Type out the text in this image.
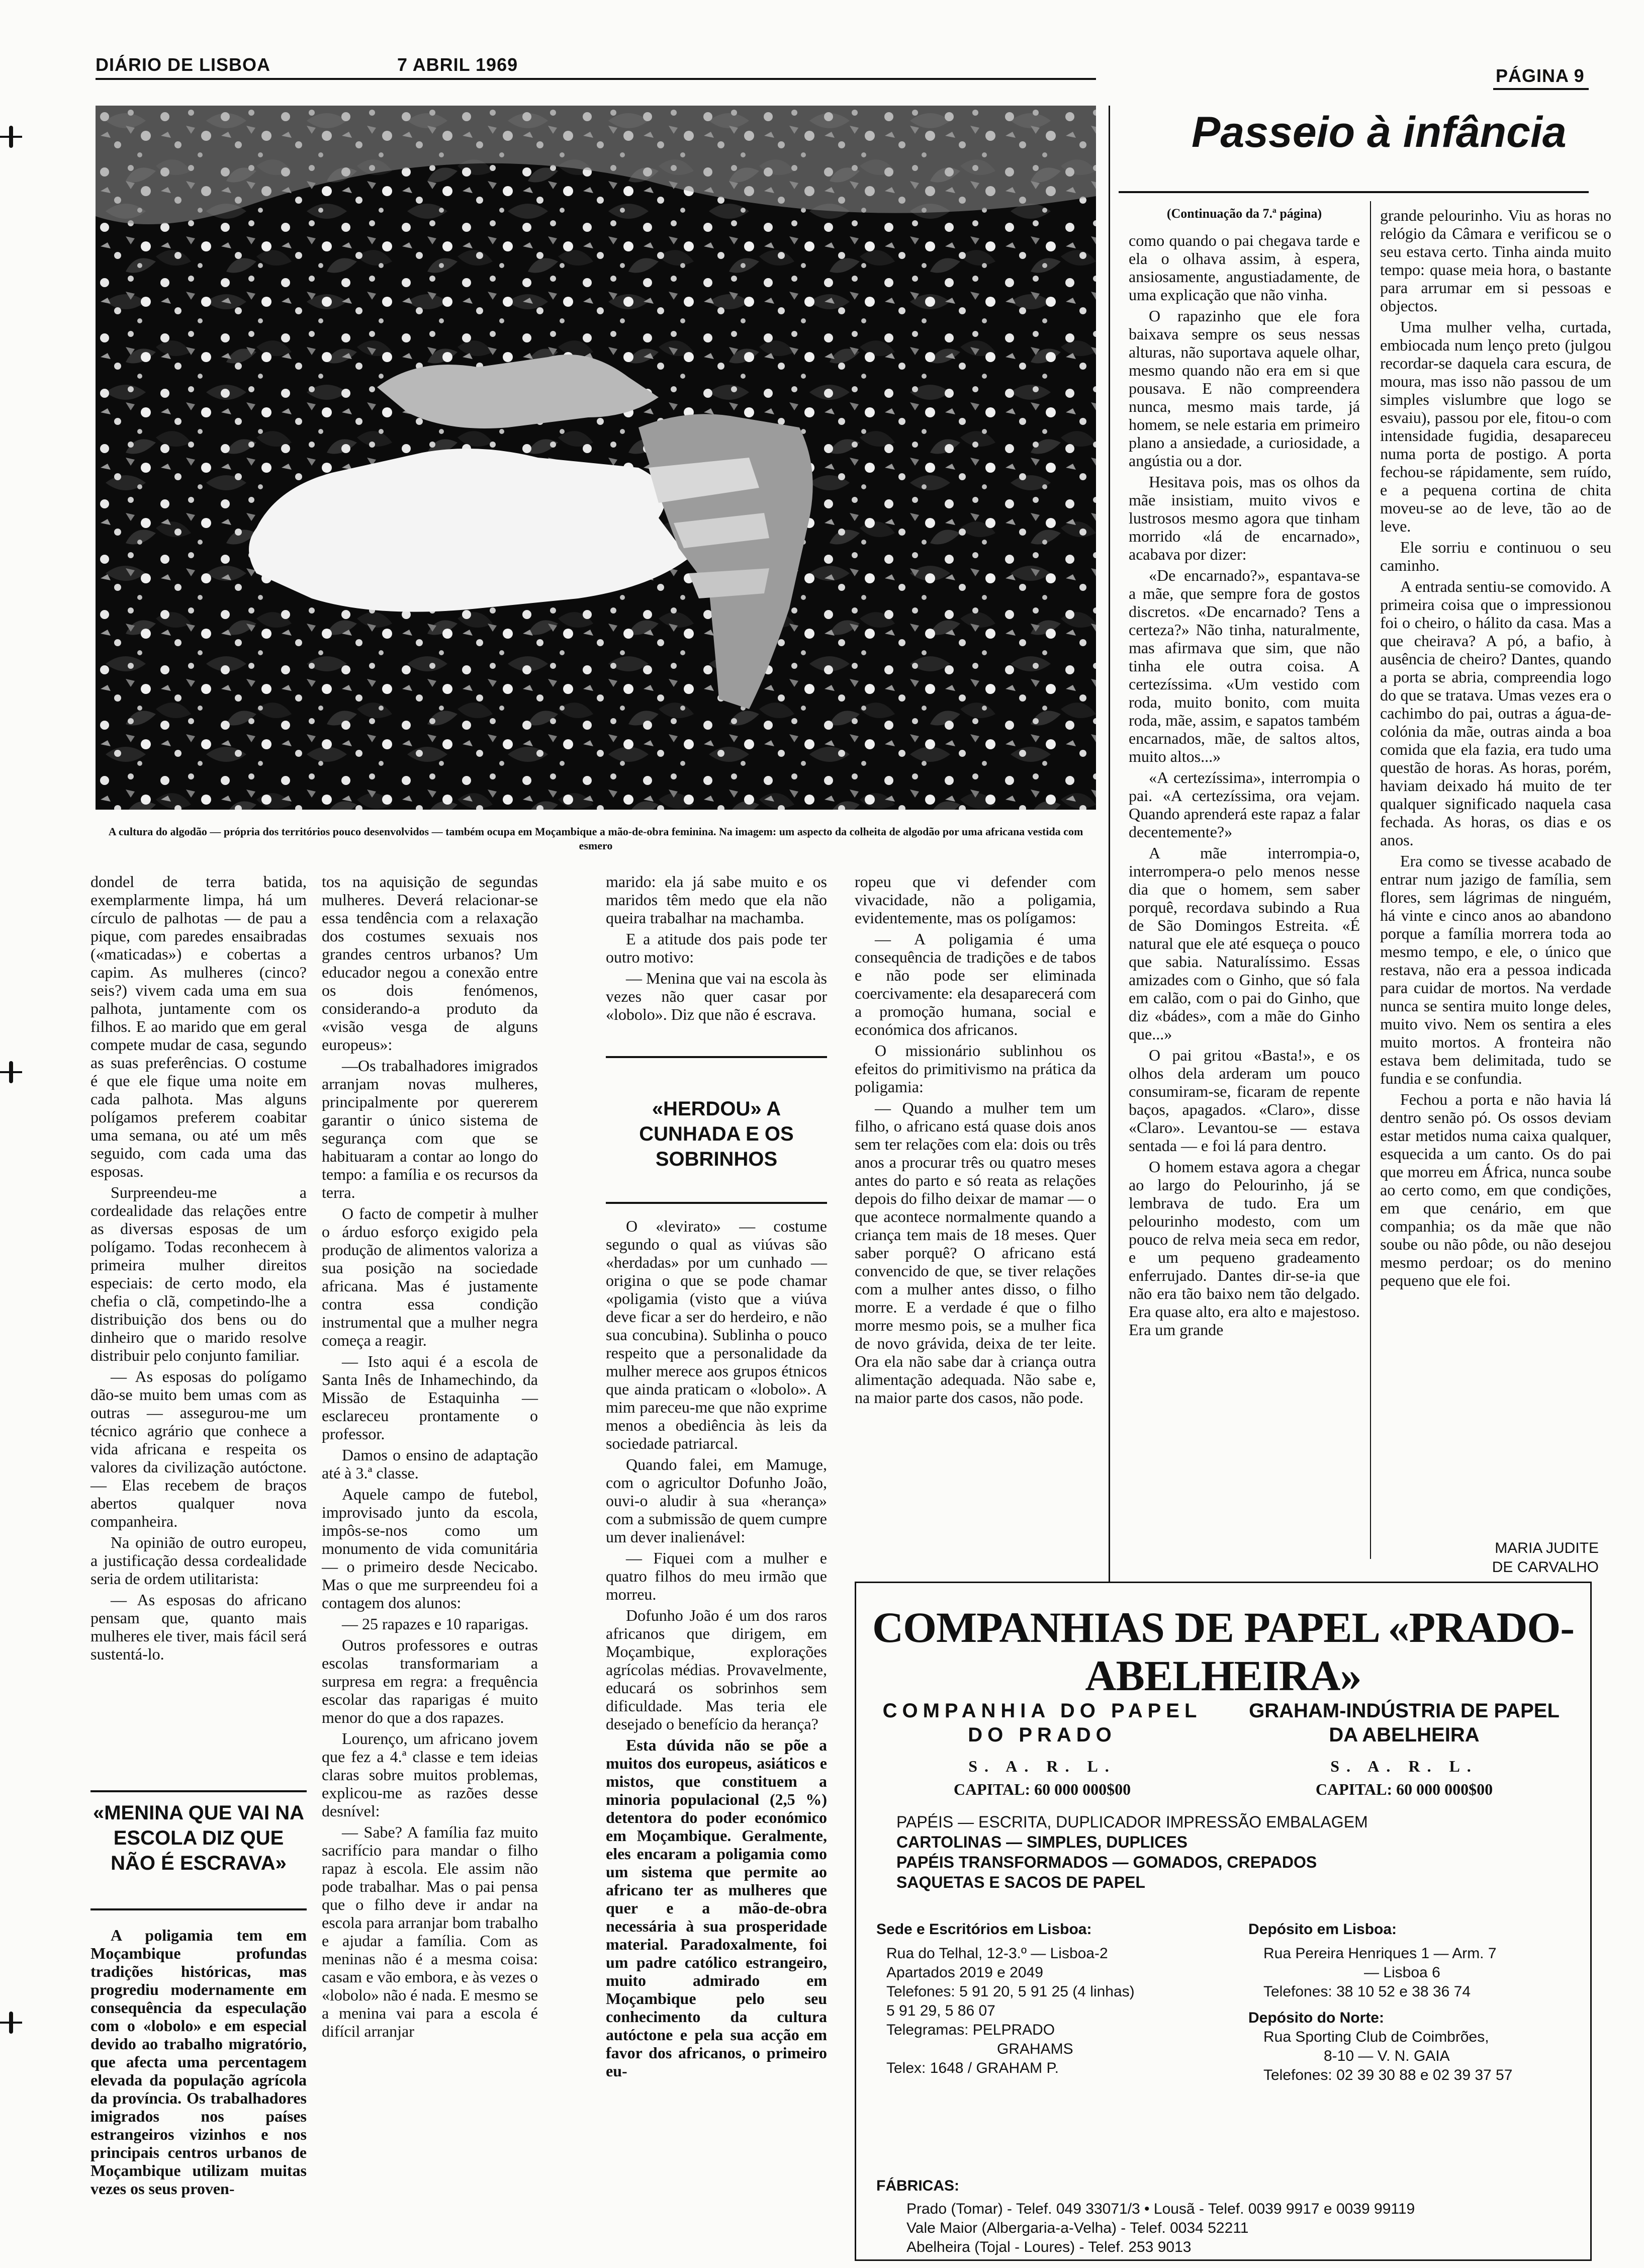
DIÁRIO DE LISBOA	7 ABRIL 1969
PÁGINA 9
A cultura do algodão — própria dos territórios pouco desenvolvidos — também ocupa em Moçambique a mão-de-obra feminina. Na imagem: um aspecto da colheita de algodão por uma africana vestida com esmero

dondel de terra batida, exemplarmente limpa, há um círculo de palhotas — de pau a pique, com paredes ensaibradas («maticadas») e cobertas a capim. As mulheres (cinco? seis?) vivem cada uma em sua palhota, juntamente com os filhos. E ao marido que em geral compete mudar de casa, segundo as suas preferências. O costume é que ele fique uma noite em cada palhota. Mas alguns polígamos preferem coabitar uma semana, ou até um mês seguido, com cada uma das esposas.

Surpreendeu-me a cordealidade das relações entre as diversas esposas de um polígamo. Todas reconhecem à primeira mulher direitos especiais: de certo modo, ela chefia o clã, competindo-lhe a distribuição dos bens ou do dinheiro que o marido resolve distribuir pelo conjunto familiar.

— As esposas do polígamo dão-se muito bem umas com as outras — assegurou-me um técnico agrário que conhece a vida africana e respeita os valores da civilização autóctone. — Elas recebem de braços abertos qualquer nova companheira.

Na opinião de outro europeu, a justificação dessa cordealidade seria de ordem utilitarista:

— As esposas do africano pensam que, quanto mais mulheres ele tiver, mais fácil será sustentá-lo.

«MENINA QUE VAI NA ESCOLA DIZ QUE NÃO É ESCRAVA»

A poligamia tem em Moçambique profundas tradições históricas, mas progrediu modernamente em consequência da especulação com o «lobolo» e em especial devido ao trabalho migratório, que afecta uma percentagem elevada da população agrícola da província. Os trabalhadores imigrados nos países estrangeiros vizinhos e nos principais centros urbanos de Moçambique utilizam muitas vezes os seus proven-

tos na aquisição de segundas mulheres. Deverá relacionar-se essa tendência com a relaxação dos costumes sexuais nos grandes centros urbanos? Um educador negou a conexão entre os dois fenómenos, considerando-a produto da «visão vesga de alguns europeus»:

—Os trabalhadores imigrados arranjam novas mulheres, principalmente por quererem garantir o único sistema de segurança com que se habituaram a contar ao longo do tempo: a família e os recursos da terra.

O facto de competir à mulher o árduo esforço exigido pela produção de alimentos valoriza a sua posição na sociedade africana. Mas é justamente contra essa condição instrumental que a mulher negra começa a reagir.

— Isto aqui é a escola de Santa Inês de Inhamechindo, da Missão de Estaquinha — esclareceu prontamente o professor.

Damos o ensino de adaptação até à 3.ª classe.

Aquele campo de futebol, improvisado junto da escola, impôs-se-nos como um monumento de vida comunitária — o primeiro desde Necicabo. Mas o que me surpreendeu foi a contagem dos alunos:

— 25 rapazes e 10 raparigas.

Outros professores e outras escolas transformariam a surpresa em regra: a frequência escolar das raparigas é muito menor do que a dos rapazes.

Lourenço, um africano jovem que fez a 4.ª classe e tem ideias claras sobre muitos problemas, explicou-me as razões desse desnível:

— Sabe? A família faz muito sacrifício para mandar o filho rapaz à escola. Ele assim não pode trabalhar. Mas o pai pensa que o filho deve ir andar na escola para arranjar bom trabalho e ajudar a família. Com as meninas não é a mesma coisa: casam e vão embora, e às vezes o «lobolo» não é nada. E mesmo se a menina vai para a escola é difícil arranjar

marido: ela já sabe muito e os maridos têm medo que ela não queira trabalhar na machamba.

E a atitude dos pais pode ter outro motivo:

— Menina que vai na escola às vezes não quer casar por «lobolo». Diz que não é escrava.

«HERDOU» A CUNHADA E OS SOBRINHOS

O «levirato» — costume segundo o qual as viúvas são «herdadas» por um cunhado — origina o que se pode chamar «poligamia (visto que a viúva deve ficar a ser do herdeiro, e não sua concubina). Sublinha o pouco respeito que a personalidade da mulher merece aos grupos étnicos que ainda praticam o «lobolo». A mim pareceu-me que não exprime menos a obediência às leis da sociedade patriarcal.

Quando falei, em Mamuge, com o agricultor Dofunho João, ouvi-o aludir à sua «herança» com a submissão de quem cumpre um dever inalienável:

— Fiquei com a mulher e quatro filhos do meu irmão que morreu.

Dofunho João é um dos raros africanos que dirigem, em Moçambique, explorações agrícolas médias. Provavelmente, educará os sobrinhos sem dificuldade. Mas teria ele desejado o benefício da herança?

Esta dúvida não se põe a muitos dos europeus, asiáticos e mistos, que constituem a minoria populacional (2,5 %) detentora do poder económico em Moçambique. Geralmente, eles encaram a poligamia como um sistema que permite ao africano ter as mulheres que quer e a mão-de-obra necessária à sua prosperidade material. Paradoxalmente, foi um padre católico estrangeiro, muito admirado em Moçambique pelo seu conhecimento da cultura autóctone e pela sua acção em favor dos africanos, o primeiro eu-

ropeu que vi defender com vivacidade, não a poligamia, evidentemente, mas os polígamos:

— A poligamia é uma consequência de tradições e de tabos e não pode ser eliminada coercivamente: ela desaparecerá com a promoção humana, social e económica dos africanos.

O missionário sublinhou os efeitos do primitivismo na prática da poligamia:

— Quando a mulher tem um filho, o africano está quase dois anos sem ter relações com ela: dois ou três anos a procurar três ou quatro meses antes do parto e só reata as relações depois do filho deixar de mamar — o que acontece normalmente quando a criança tem mais de 18 meses. Quer saber porquê? O africano está convencido de que, se tiver relações com a mulher antes disso, o filho morre. E a verdade é que o filho morre mesmo pois, se a mulher fica de novo grávida, deixa de ter leite. Ora ela não sabe dar à criança outra alimentação adequada. Não sabe e, na maior parte dos casos, não pode.

Passeio à infância
(Continuação da 7.ª página)

como quando o pai chegava tarde e ela o olhava assim, à espera, ansiosamente, angustiadamente, de uma explicação que não vinha.

O rapazinho que ele fora baixava sempre os seus nessas alturas, não suportava aquele olhar, mesmo quando não era em si que pousava. E não compreendera nunca, mesmo mais tarde, já homem, se nele estaria em primeiro plano a ansiedade, a curiosidade, a angústia ou a dor.

Hesitava pois, mas os olhos da mãe insistiam, muito vivos e lustrosos mesmo agora que tinham morrido «lá de encarnado», acabava por dizer:

«De encarnado?», espantava-se a mãe, que sempre fora de gostos discretos. «De encarnado? Tens a certeza?» Não tinha, naturalmente, mas afirmava que sim, que não tinha ele outra coisa. A certezíssima. «Um vestido com roda, muito bonito, com muita roda, mãe, assim, e sapatos também encarnados, mãe, de saltos altos, muito altos...»

«A certezíssima», interrompia o pai. «A certezíssima, ora vejam. Quando aprenderá este rapaz a falar decentemente?»

A mãe interrompia-o, interrompera-o pelo menos nesse dia que o homem, sem saber porquê, recordava subindo a Rua de São Domingos Estreita. «É natural que ele até esqueça o pouco que sabia. Naturalíssimo. Essas amizades com o Ginho, que só fala em calão, com o pai do Ginho, que diz «bádes», com a mãe do Ginho que...»

O pai gritou «Basta!», e os olhos dela arderam um pouco consumiram-se, ficaram de repente baços, apagados. «Claro», disse «Claro». Levantou-se — estava sentada — e foi lá para dentro.

O homem estava agora a chegar ao largo do Pelourinho, já se lembrava de tudo. Era um pelourinho modesto, com um pouco de relva meia seca em redor, e um pequeno gradeamento enferrujado. Dantes dir-se-ia que não era tão baixo nem tão delgado. Era quase alto, era alto e majestoso. Era um grande

grande pelourinho. Viu as horas no relógio da Câmara e verificou se o seu estava certo. Tinha ainda muito tempo: quase meia hora, o bastante para arrumar em si pessoas e objectos.

Uma mulher velha, curtada, embiocada num lenço preto (julgou recordar-se daquela cara escura, de moura, mas isso não passou de um simples vislumbre que logo se esvaiu), passou por ele, fitou-o com intensidade fugidia, desapareceu numa porta de postigo. A porta fechou-se rápidamente, sem ruído, e a pequena cortina de chita moveu-se ao de leve, tão ao de leve.

Ele sorriu e continuou o seu caminho.

A entrada sentiu-se comovido. A primeira coisa que o impressionou foi o cheiro, o hálito da casa. Mas a que cheirava? A pó, a bafio, à ausência de cheiro? Dantes, quando a porta se abria, compreendia logo do que se tratava. Umas vezes era o cachimbo do pai, outras a água-de-colónia da mãe, outras ainda a boa comida que ela fazia, era tudo uma questão de horas. As horas, porém, haviam deixado há muito de ter qualquer significado naquela casa fechada. As horas, os dias e os anos.

Era como se tivesse acabado de entrar num jazigo de família, sem flores, sem lágrimas de ninguém, há vinte e cinco anos ao abandono porque a família morrera toda ao mesmo tempo, e ele, o único que restava, não era a pessoa indicada para cuidar de mortos. Na verdade nunca se sentira muito longe deles, muito vivo. Nem os sentira a eles muito mortos. A fronteira não estava bem delimitada, tudo se fundia e se confundia.

Fechou a porta e não havia lá dentro senão pó. Os ossos deviam estar metidos numa caixa qualquer, esquecida a um canto. Os do pai que morreu em África, nunca soube ao certo como, em que condições, em que cenário, em que companhia; os da mãe que não soube ou não pôde, ou não desejou mesmo perdoar; os do menino pequeno que ele foi.

MARIA JUDITE
DE CARVALHO
COMPANHIAS DE PAPEL «PRADO-ABELHEIRA»
COMPANHIA DO PAPEL
DO PRADO
S. A. R. L.
CAPITAL: 60 000 000$00
GRAHAM-INDÚSTRIA DE PAPEL
DA ABELHEIRA
S. A. R. L.
CAPITAL: 60 000 000$00
PAPÉIS — ESCRITA, DUPLICADOR IMPRESSÃO EMBALAGEM
CARTOLINAS — SIMPLES, DUPLICES
PAPÉIS TRANSFORMADOS — GOMADOS, CREPADOS
SAQUETAS E SACOS DE PAPEL
Sede e Escritórios em Lisboa:
Rua do Telhal, 12-3.º — Lisboa-2
Apartados 2019 e 2049
Telefones: 5 91 20, 5 91 25 (4 linhas)
5 91 29, 5 86 07
Telegramas: PELPRADO
GRAHAMS
Telex: 1648 / GRAHAM P.
Depósito em Lisboa:
Rua Pereira Henriques 1 — Arm. 7
— Lisboa 6
Telefones: 38 10 52 e 38 36 74
Depósito do Norte:
Rua Sporting Club de Coimbrões,
8-10 — V. N. GAIA
Telefones: 02 39 30 88 e 02 39 37 57
FÁBRICAS:
Prado (Tomar) - Telef. 049 33071/3 • Lousã - Telef. 0039 9917 e 0039 99119
Vale Maior (Albergaria-a-Velha) - Telef. 0034 52211
Abelheira (Tojal - Loures) - Telef. 253 9013
